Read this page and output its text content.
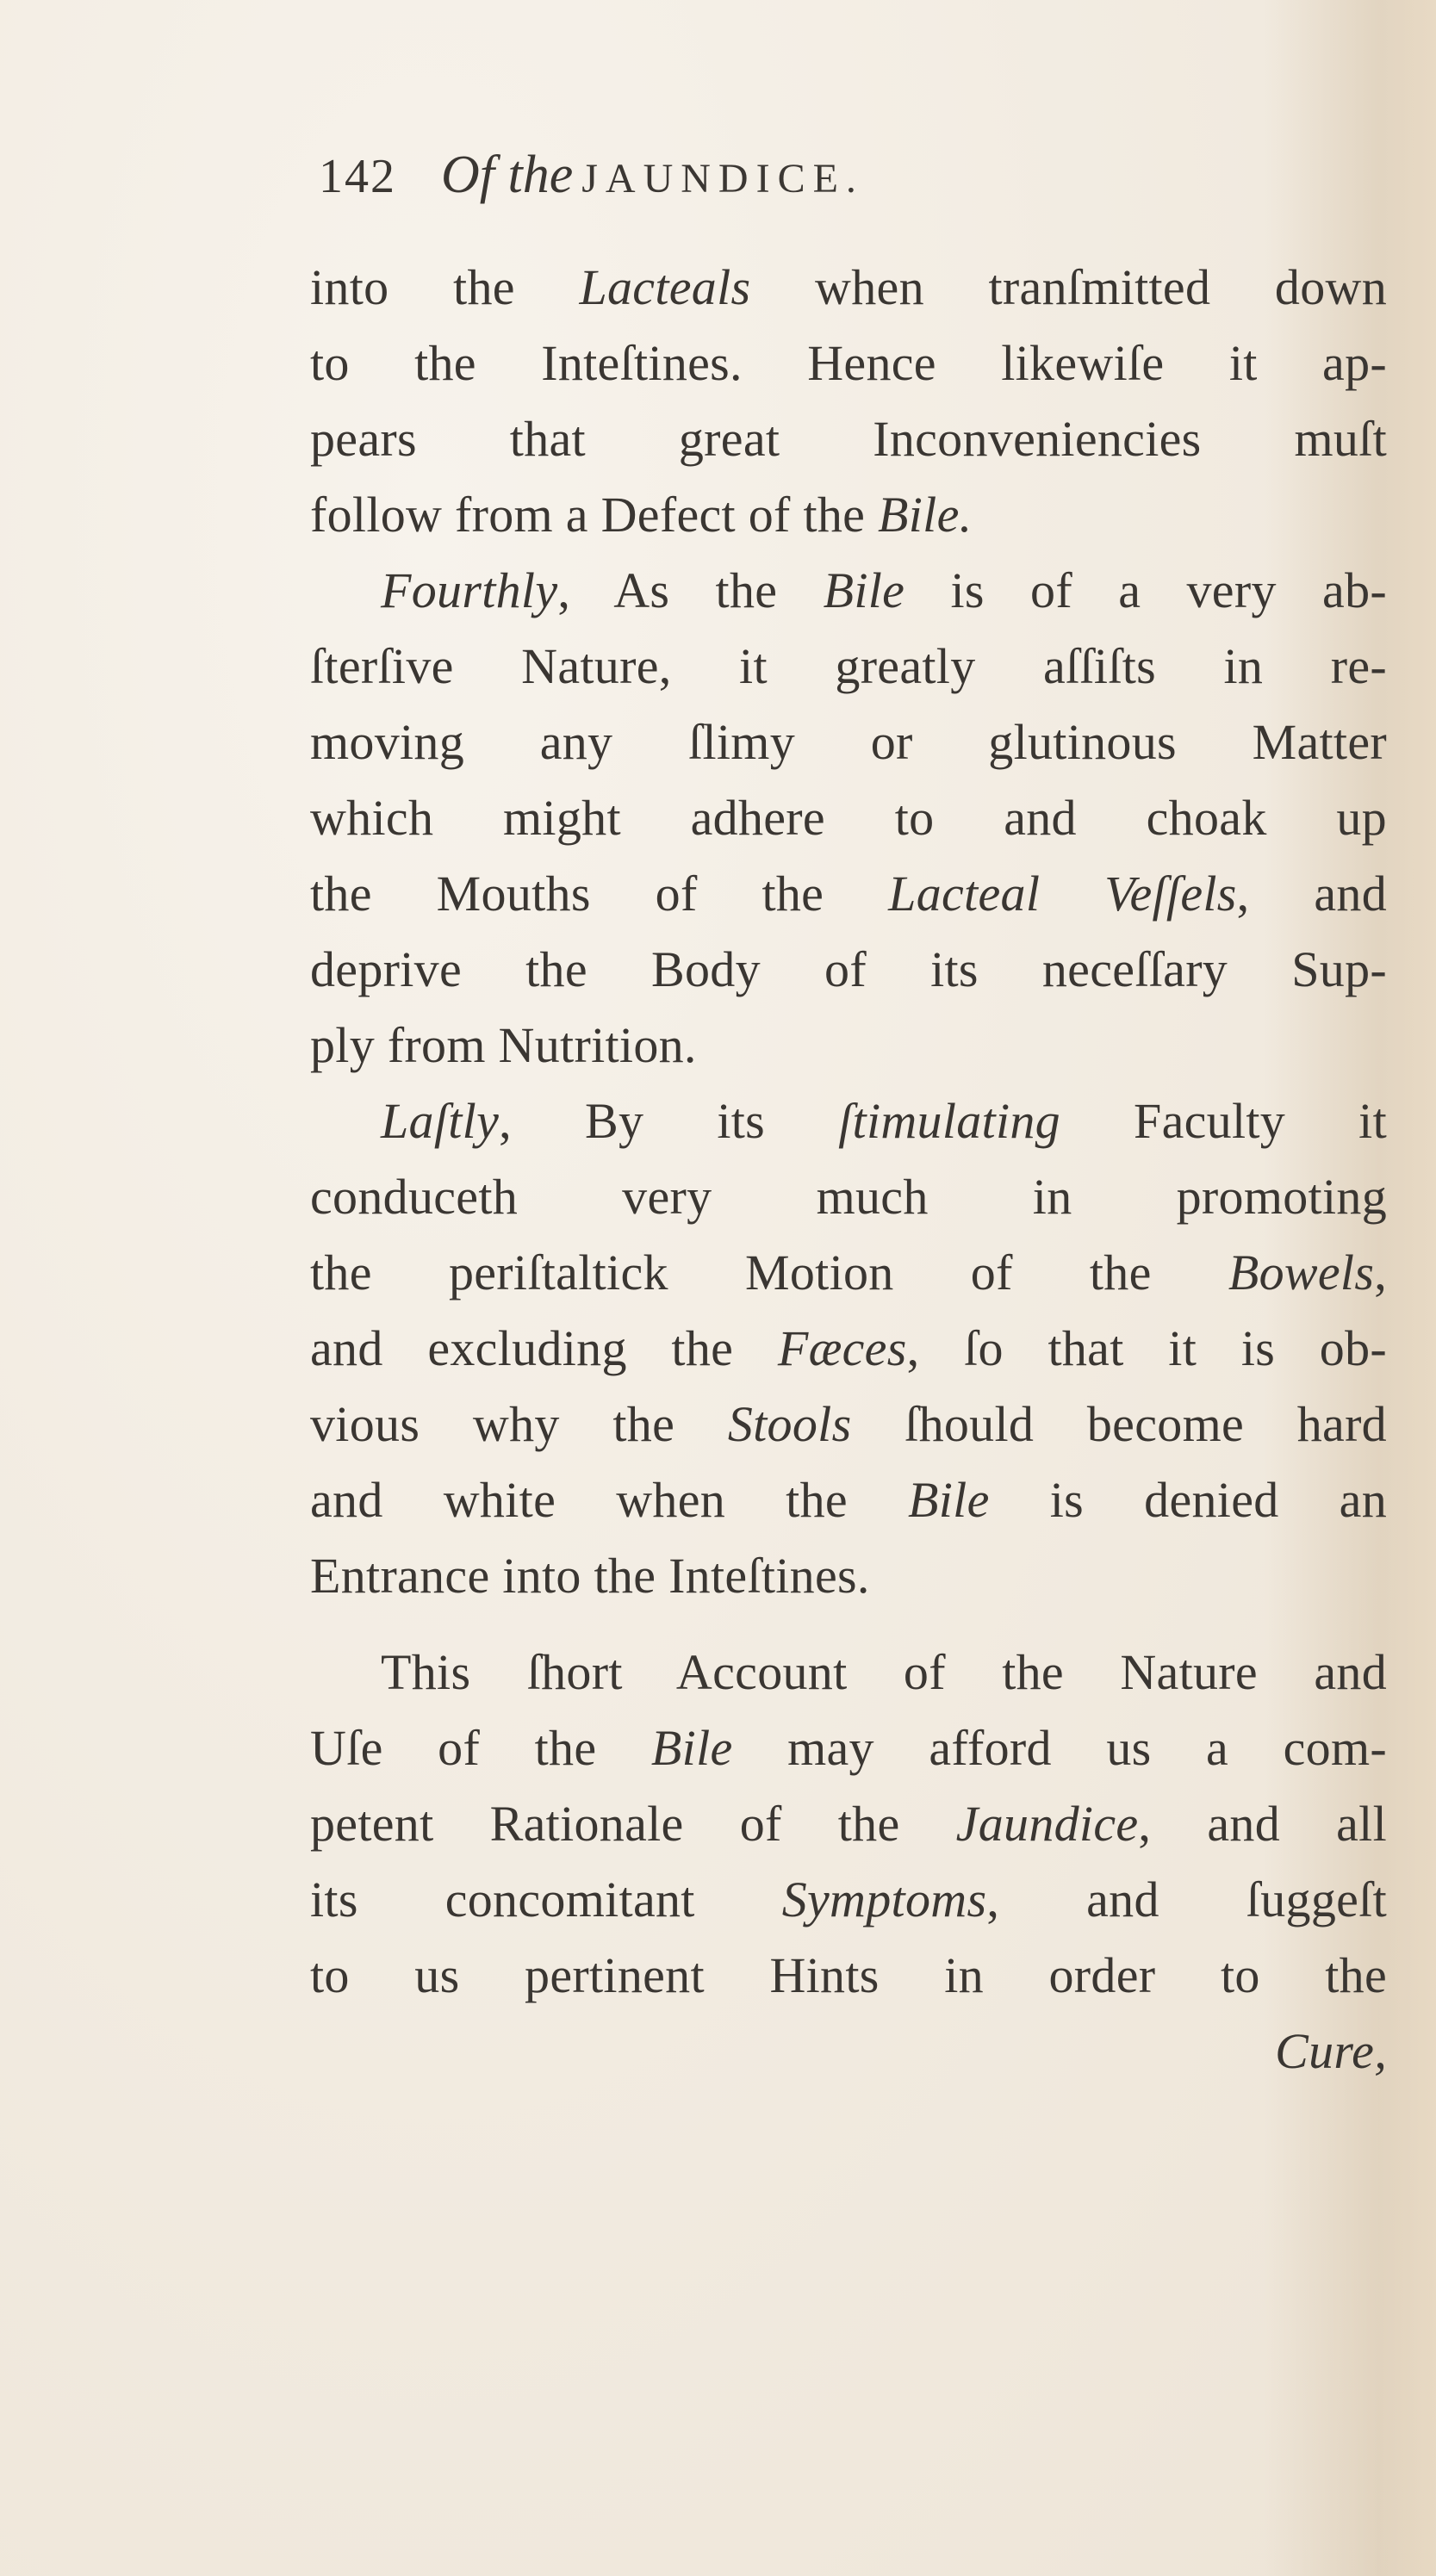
142 Of the JAUNDICE.
into the Lacteals when tranſmitted down
to the Inteſtines. Hence likewiſe it ap-
pears that great Inconveniencies muſt
follow from a Defect of the Bile.
Fourthly, As the Bile is of a very ab-
ſterſive Nature, it greatly aſſiſts in re-
moving any ſlimy or glutinous Matter
which might adhere to and choak up
the Mouths of the Lacteal Veſſels, and
deprive the Body of its neceſſary Sup-
ply from Nutrition.
Laſtly, By its ſtimulating Faculty it
conduceth very much in promoting
the periſtaltick Motion of the Bowels,
and excluding the Fæces, ſo that it is ob-
vious why the Stools ſhould become hard
and white when the Bile is denied an
Entrance into the Inteſtines.
This ſhort Account of the Nature and
Uſe of the Bile may afford us a com-
petent Rationale of the Jaundice, and all
its concomitant Symptoms, and ſuggeſt
to us pertinent Hints in order to the
Cure,
